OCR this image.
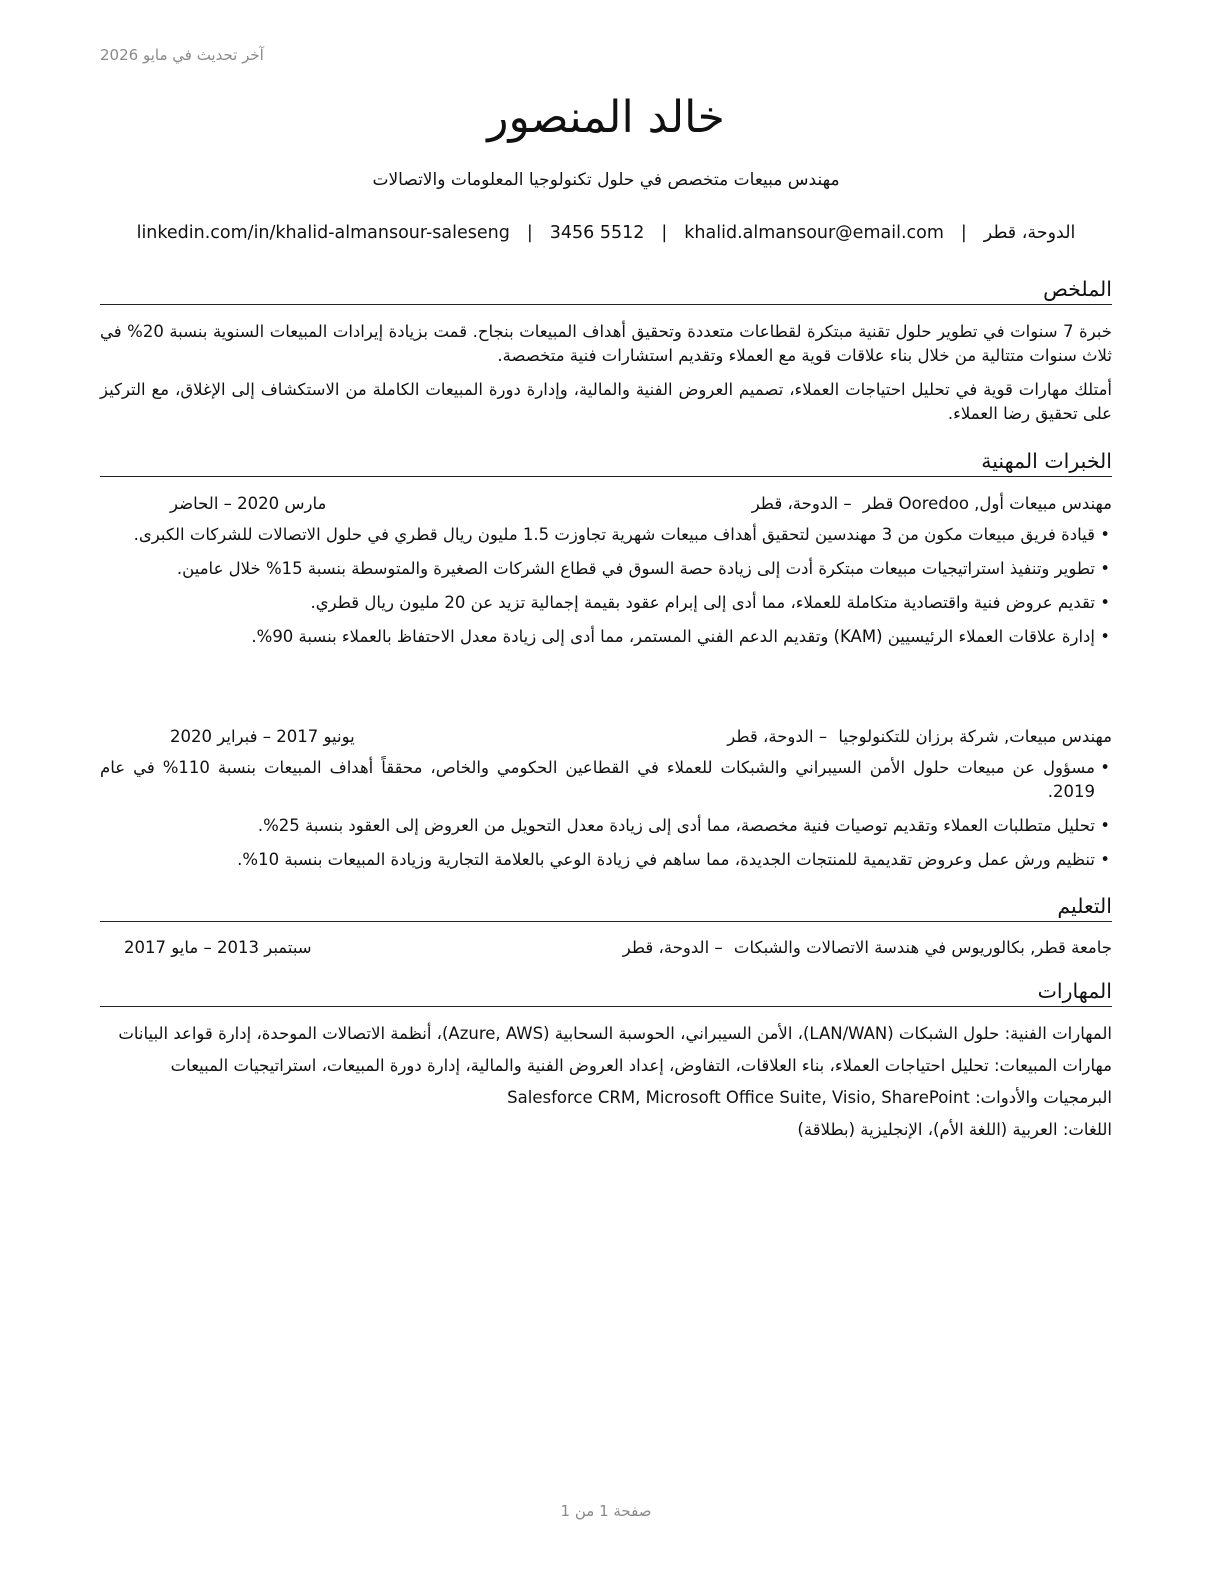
آخر تحديث في مايو 2026
خالد المنصور
مهندس مبيعات متخصص في حلول تكنولوجيا المعلومات والاتصالات
الدوحة، قطر
|
khalid.almansour@email.com
|
3456 5512
|
linkedin.com/in/khalid-almansour-saleseng
الملخص

خبرة 7 سنوات في تطوير حلول تقنية مبتكرة لقطاعات متعددة وتحقيق أهداف المبيعات بنجاح. قمت بزيادة إيرادات المبيعات السنوية بنسبة 20% في ثلاث سنوات متتالية من خلال بناء علاقات قوية مع العملاء وتقديم استشارات فنية متخصصة.

أمتلك مهارات قوية في تحليل احتياجات العملاء، تصميم العروض الفنية والمالية، وإدارة دورة المبيعات الكاملة من الاستكشاف إلى الإغلاق، مع التركيز على تحقيق رضا العملاء.

الخبرات المهنية
مهندس مبيعات أول, Ooredoo قطر – الدوحة، قطر
مارس 2020 – الحاضر
• قيادة فريق مبيعات مكون من 3 مهندسين لتحقيق أهداف مبيعات شهرية تجاوزت 1.5 مليون ريال قطري في حلول الاتصالات للشركات الكبرى.
• تطوير وتنفيذ استراتيجيات مبيعات مبتكرة أدت إلى زيادة حصة السوق في قطاع الشركات الصغيرة والمتوسطة بنسبة 15% خلال عامين.
• تقديم عروض فنية واقتصادية متكاملة للعملاء، مما أدى إلى إبرام عقود بقيمة إجمالية تزيد عن 20 مليون ريال قطري.
• إدارة علاقات العملاء الرئيسيين (KAM) وتقديم الدعم الفني المستمر، مما أدى إلى زيادة معدل الاحتفاظ بالعملاء بنسبة 90%.
مهندس مبيعات, شركة برزان للتكنولوجيا – الدوحة، قطر
يونيو 2017 – فبراير 2020
• مسؤول عن مبيعات حلول الأمن السيبراني والشبكات للعملاء في القطاعين الحكومي والخاص، محققاً أهداف المبيعات بنسبة 110% في عام 2019.
• تحليل متطلبات العملاء وتقديم توصيات فنية مخصصة، مما أدى إلى زيادة معدل التحويل من العروض إلى العقود بنسبة 25%.
• تنظيم ورش عمل وعروض تقديمية للمنتجات الجديدة، مما ساهم في زيادة الوعي بالعلامة التجارية وزيادة المبيعات بنسبة 10%.
التعليم
جامعة قطر, بكالوريوس في هندسة الاتصالات والشبكات – الدوحة، قطر
سبتمبر 2013 – مايو 2017
المهارات

المهارات الفنية: حلول الشبكات (LAN/WAN)، الأمن السيبراني، الحوسبة السحابية (Azure, AWS)، أنظمة الاتصالات الموحدة، إدارة قواعد البيانات

مهارات المبيعات: تحليل احتياجات العملاء، بناء العلاقات، التفاوض، إعداد العروض الفنية والمالية، إدارة دورة المبيعات، استراتيجيات المبيعات

البرمجيات والأدوات: Salesforce CRM, Microsoft Office Suite, Visio, SharePoint

اللغات: العربية (اللغة الأم)، الإنجليزية (بطلاقة)

صفحة 1 من 1
